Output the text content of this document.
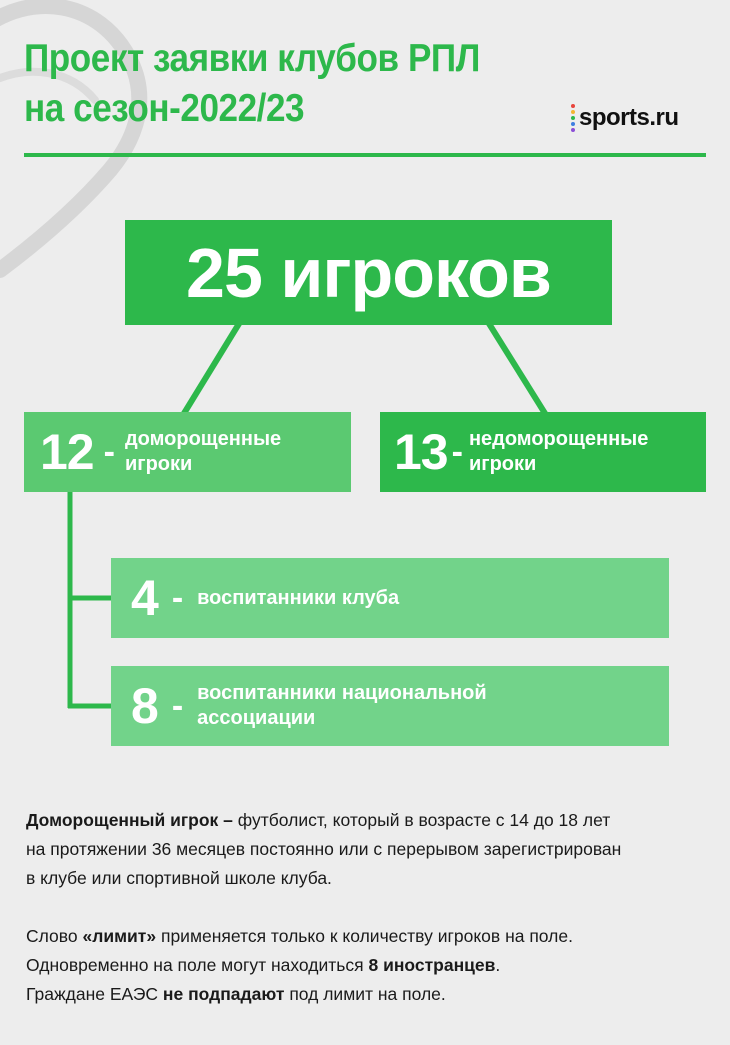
Проект заявки клубов РПЛ
на сезон-2022/23	sports.ru
25 игроков
12 - доморощенные
игроки	13 - недоморощенные
игроки
4 - воспитанники клуба
8 - воспитанники национальной
ассоциации

Доморощенный игрок – футболист, который в возрасте с 14 до 18 лет

на протяжении 36 месяцев постоянно или с перерывом зарегистрирован

в клубе или спортивной школе клуба.

Слово «лимит» применяется только к количеству игроков на поле.

Одновременно на поле могут находиться 8 иностранцев.

Граждане ЕАЭС не подпадают под лимит на поле.
